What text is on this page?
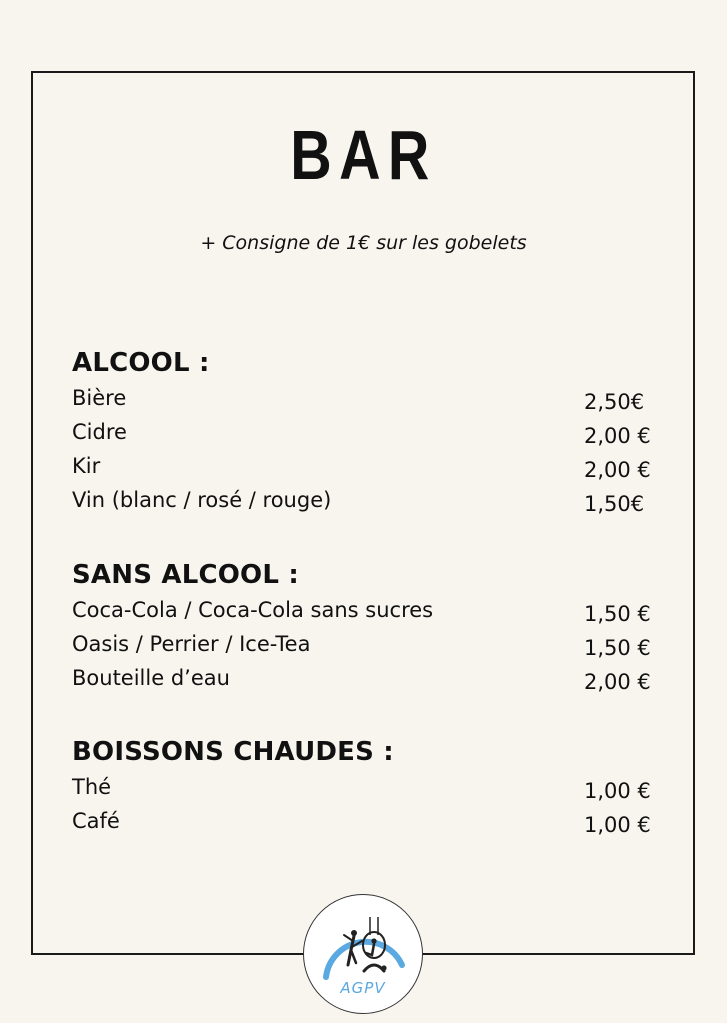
BAR
+ Consigne de 1€ sur les gobelets
ALCOOL :
Bière	2,50€
Cidre	2,00 €
Kir	2,00 €
Vin (blanc / rosé / rouge)	1,50€
SANS ALCOOL :
Coca-Cola / Coca-Cola sans sucres	1,50 €
Oasis / Perrier / Ice-Tea	1,50 €
Bouteille d’eau	2,00 €
BOISSONS CHAUDES :
Thé	1,00 €
Café	1,00 €
AGPV
